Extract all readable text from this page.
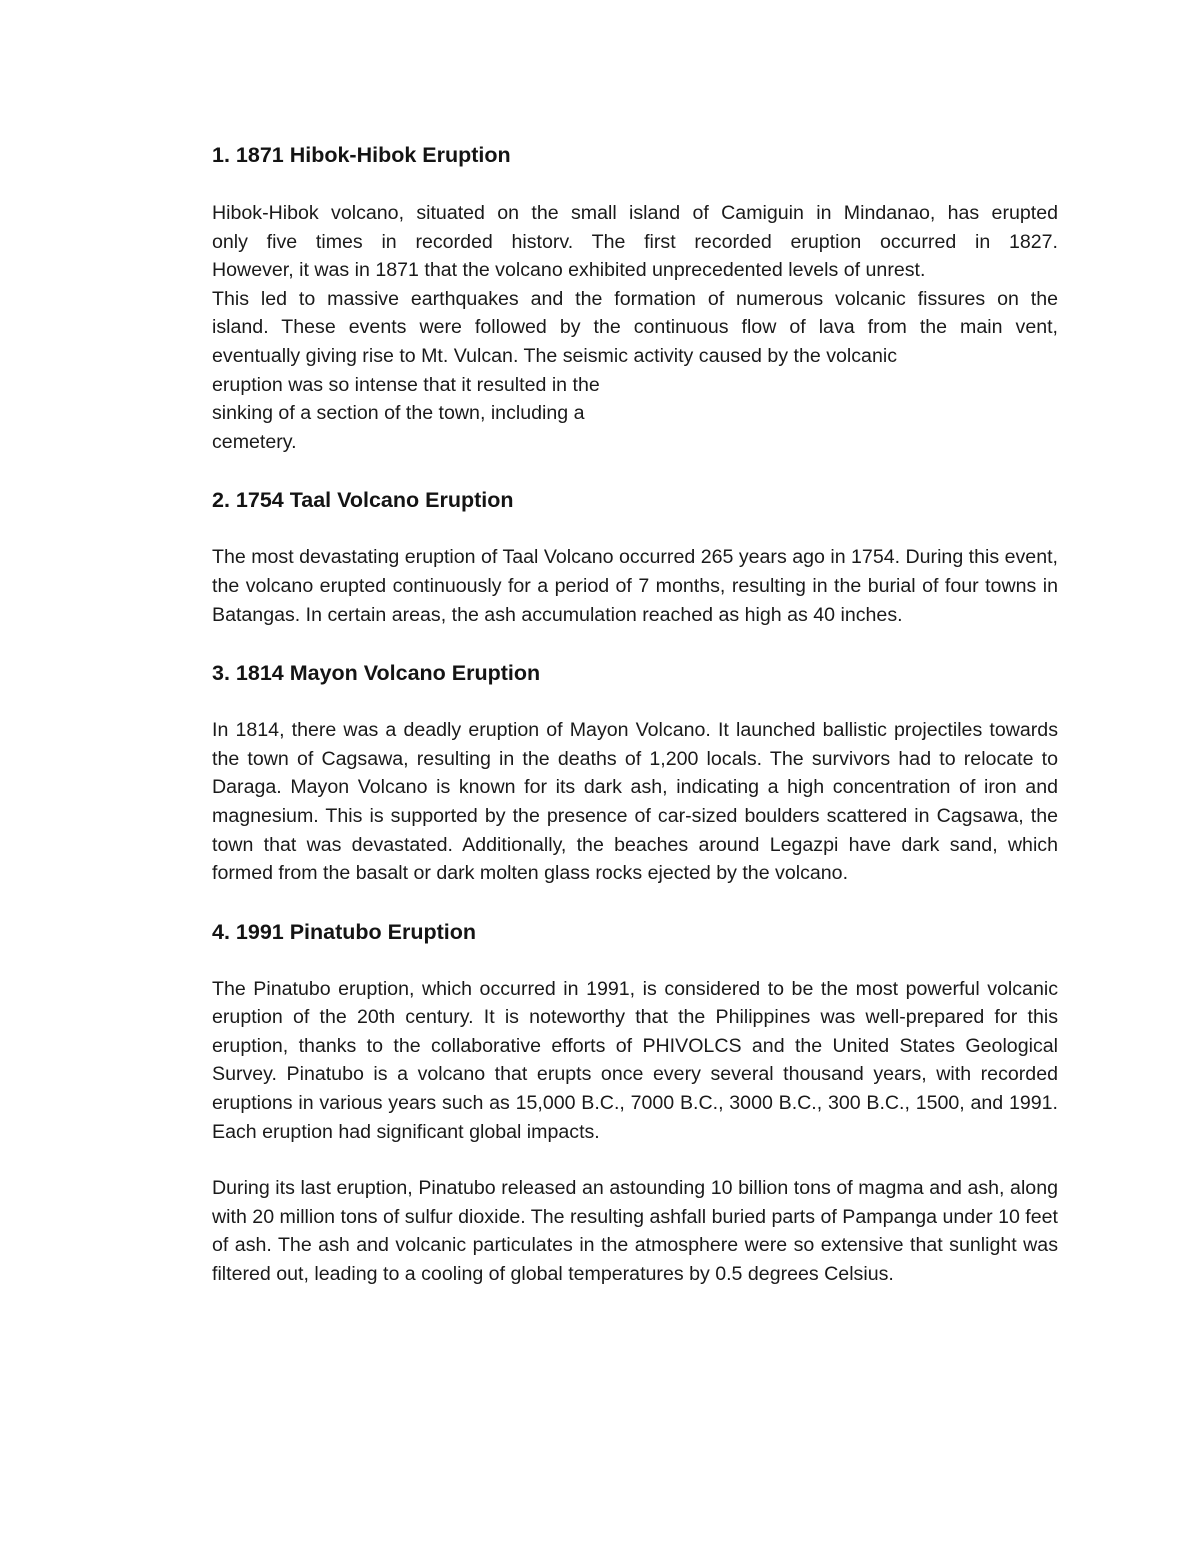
1. 1871 Hibok-Hibok Eruption
Hibok-Hibok volcano, situated on the small island of Camiguin in Mindanao, has erupted
only five times in recorded historv. The first recorded eruption occurred in 1827.
However, it was in 1871 that the volcano exhibited unprecedented levels of unrest.
This led to massive earthquakes and the formation of numerous volcanic fissures on the
island. These events were followed by the continuous flow of lava from the main vent,
eventually giving rise to Mt. Vulcan. The seismic activity caused by the volcanic
eruption was so intense that it resulted in the
sinking of a section of the town, including a
cemetery.
2. 1754 Taal Volcano Eruption

The most devastating eruption of Taal Volcano occurred 265 years ago in 1754. During this event, the volcano erupted continuously for a period of 7 months, resulting in the burial of four towns in Batangas. In certain areas, the ash accumulation reached as high as 40 inches.

3. 1814 Mayon Volcano Eruption

In 1814, there was a deadly eruption of Mayon Volcano. It launched ballistic projectiles towards the town of Cagsawa, resulting in the deaths of 1,200 locals. The survivors had to relocate to Daraga. Mayon Volcano is known for its dark ash, indicating a high concentration of iron and magnesium. This is supported by the presence of car-sized boulders scattered in Cagsawa, the town that was devastated. Additionally, the beaches around Legazpi have dark sand, which formed from the basalt or dark molten glass rocks ejected by the volcano.

4. 1991 Pinatubo Eruption

The Pinatubo eruption, which occurred in 1991, is considered to be the most powerful volcanic eruption of the 20th century. It is noteworthy that the Philippines was well-prepared for this eruption, thanks to the collaborative efforts of PHIVOLCS and the United States Geological Survey. Pinatubo is a volcano that erupts once every several thousand years, with recorded eruptions in various years such as 15,000 B.C., 7000 B.C., 3000 B.C., 300 B.C., 1500, and 1991. Each eruption had significant global impacts.

During its last eruption, Pinatubo released an astounding 10 billion tons of magma and ash, along with 20 million tons of sulfur dioxide. The resulting ashfall buried parts of Pampanga under 10 feet of ash. The ash and volcanic particulates in the atmosphere were so extensive that sunlight was filtered out, leading to a cooling of global temperatures by 0.5 degrees Celsius.
